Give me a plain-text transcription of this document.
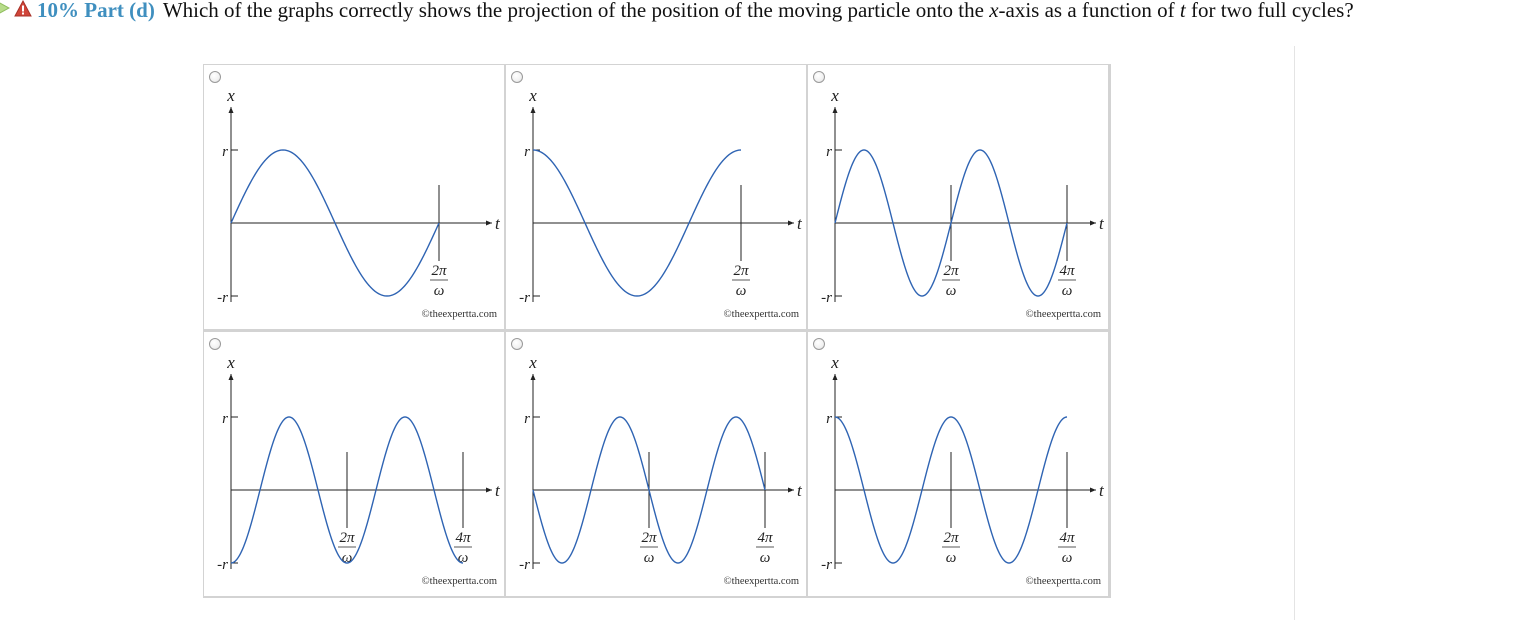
10% Part (d) Which of the graphs correctly shows the projection of the position of the moving particle onto the x-axis as a function of t for two full cycles?
x
t
r
-r
2π
ω
©theexpertta.com
x
t
r
-r
2π
ω
©theexpertta.com
x
t
r
-r
2π
ω
4π
ω
©theexpertta.com
x
t
r
-r
2π
ω
4π
ω
©theexpertta.com
x
t
r
-r
2π
ω
4π
ω
©theexpertta.com
x
t
r
-r
2π
ω
4π
ω
©theexpertta.com
